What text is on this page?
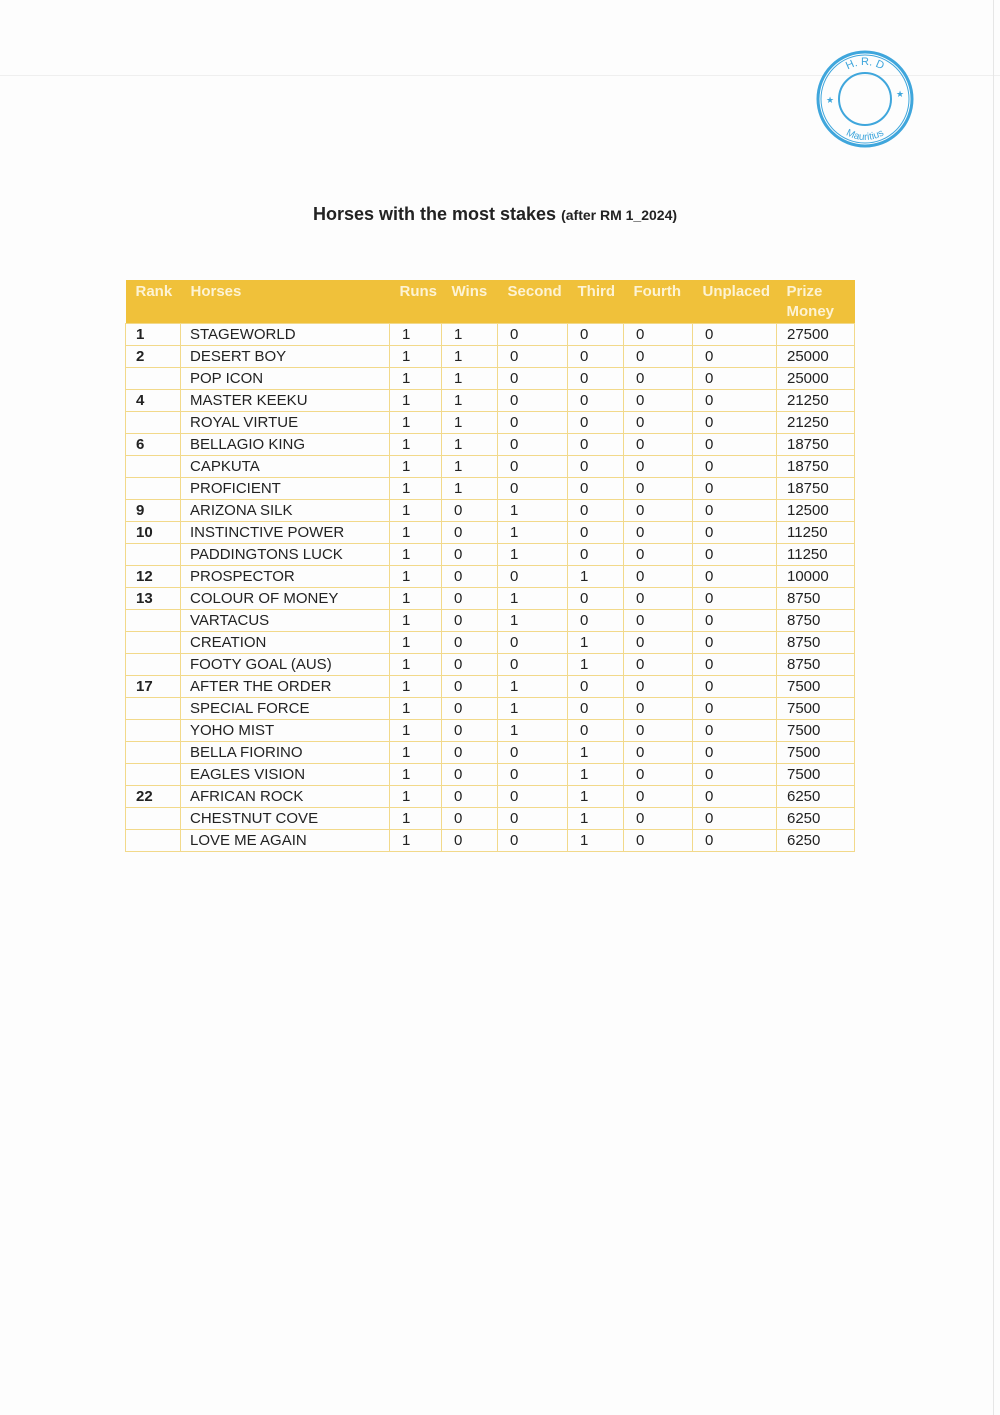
H. R. D
Mauritius
★
★
Horses with the most stakes (after RM 1_2024)
Rank	Horses	Runs	Wins	Second	Third	Fourth	Unplaced	Prize Money
1	STAGEWORLD	1	1	0	0	0	0	27500
2	DESERT BOY	1	1	0	0	0	0	25000
	POP ICON	1	1	0	0	0	0	25000
4	MASTER KEEKU	1	1	0	0	0	0	21250
	ROYAL VIRTUE	1	1	0	0	0	0	21250
6	BELLAGIO KING	1	1	0	0	0	0	18750
	CAPKUTA	1	1	0	0	0	0	18750
	PROFICIENT	1	1	0	0	0	0	18750
9	ARIZONA SILK	1	0	1	0	0	0	12500
10	INSTINCTIVE POWER	1	0	1	0	0	0	11250
	PADDINGTONS LUCK	1	0	1	0	0	0	11250
12	PROSPECTOR	1	0	0	1	0	0	10000
13	COLOUR OF MONEY	1	0	1	0	0	0	8750
	VARTACUS	1	0	1	0	0	0	8750
	CREATION	1	0	0	1	0	0	8750
	FOOTY GOAL (AUS)	1	0	0	1	0	0	8750
17	AFTER THE ORDER	1	0	1	0	0	0	7500
	SPECIAL FORCE	1	0	1	0	0	0	7500
	YOHO MIST	1	0	1	0	0	0	7500
	BELLA FIORINO	1	0	0	1	0	0	7500
	EAGLES VISION	1	0	0	1	0	0	7500
22	AFRICAN ROCK	1	0	0	1	0	0	6250
	CHESTNUT COVE	1	0	0	1	0	0	6250
	LOVE ME AGAIN	1	0	0	1	0	0	6250
